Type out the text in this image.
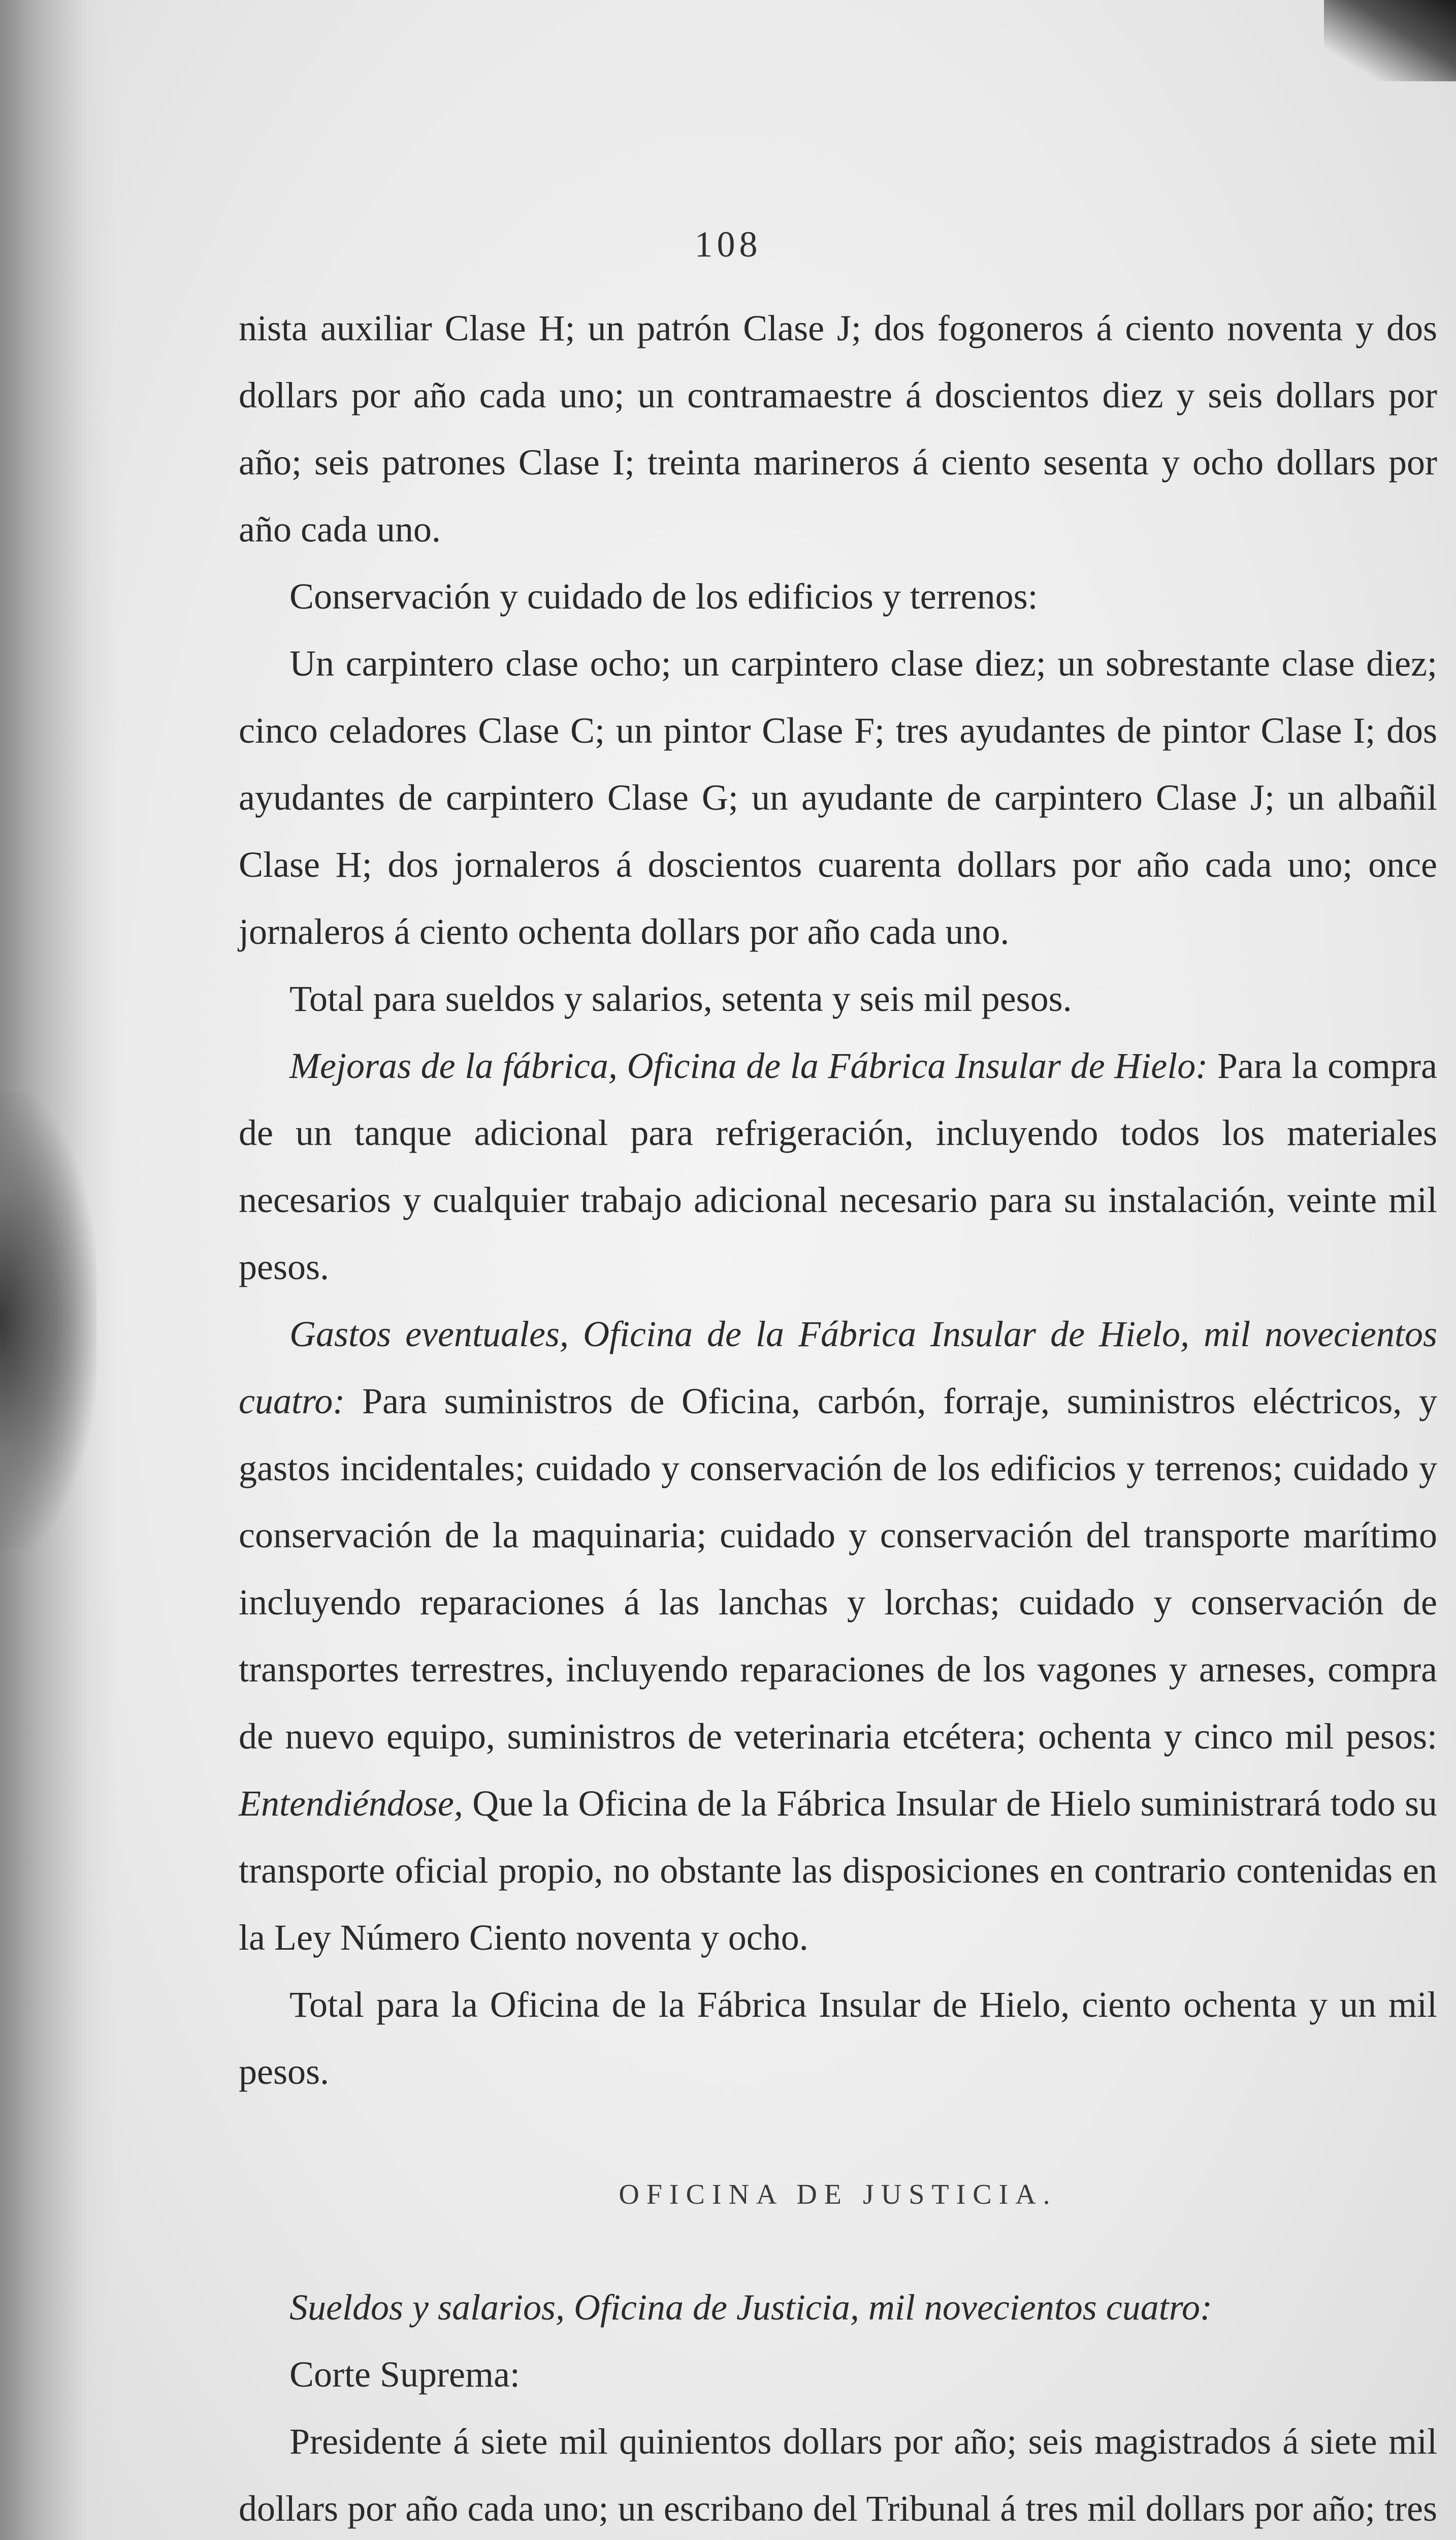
108

nista auxiliar Clase H; un patrón Clase J; dos fogoneros á ciento noventa y dos dollars por año cada uno; un contramaestre á doscientos diez y seis dollars por año; seis patrones Clase I; treinta marineros á ciento sesenta y ocho dollars por año cada uno.

Conservación y cuidado de los edificios y terrenos:

Un carpintero clase ocho; un carpintero clase diez; un sobrestante clase diez; cinco celadores Clase C; un pintor Clase F; tres ayudantes de pintor Clase I; dos ayudantes de carpintero Clase G; un ayudante de carpintero Clase J; un albañil Clase H; dos jornaleros á doscientos cuarenta dollars por año cada uno; once jornaleros á ciento ochenta dollars por año cada uno.

Total para sueldos y salarios, setenta y seis mil pesos.

Mejoras de la fábrica, Oficina de la Fábrica Insular de Hielo: Para la compra de un tanque adicional para refrigeración, incluyendo todos los materiales necesarios y cualquier trabajo adicional necesario para su instalación, veinte mil pesos.

Gastos eventuales, Oficina de la Fábrica Insular de Hielo, mil novecientos cuatro: Para suministros de Oficina, carbón, forraje, suministros eléctricos, y gastos incidentales; cuidado y conservación de los edificios y terrenos; cuidado y conservación de la maquinaria; cuidado y conservación del transporte marítimo incluyendo reparaciones á las lanchas y lorchas; cuidado y conservación de transportes terrestres, incluyendo reparaciones de los vagones y arneses, compra de nuevo equipo, suministros de veterinaria etcétera; ochenta y cinco mil pesos: Entendiéndose, Que la Oficina de la Fábrica Insular de Hielo suministrará todo su transporte oficial propio, no obstante las disposiciones en contrario contenidas en la Ley Número Ciento noventa y ocho.

Total para la Oficina de la Fábrica Insular de Hielo, ciento ochenta y un mil pesos.

OFICINA DE JUSTICIA.

Sueldos y salarios, Oficina de Justicia, mil novecientos cuatro:

Corte Suprema:

Presidente á siete mil quinientos dollars por año; seis magistrados á siete mil dollars por año cada uno; un escribano del Tribunal á tres mil dollars por año; tres
